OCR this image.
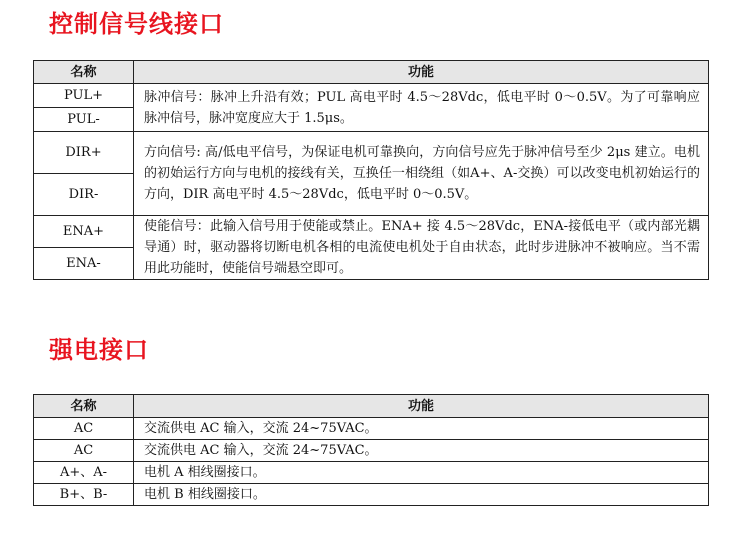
控制信号线接口
名称	功能
PUL+	脉冲信号：脉冲上升沿有效；PUL 高电平时 4.5～28Vdc，低电平时 0～0.5V。为了可靠响应脉冲信号，脉冲宽度应大于 1.5μs。
PUL-	
DIR+	方向信号: 高/低电平信号，为保证电机可靠换向，方向信号应先于脉冲信号至少 2μs 建立。电机的初始运行方向与电机的接线有关，互换任一相绕组（如A+、A-交换）可以改变电机初始运行的方向，DIR 高电平时 4.5～28Vdc，低电平时 0～0.5V。
DIR-	
ENA+	使能信号：此输入信号用于使能或禁止。ENA+ 接 4.5～28Vdc，ENA-接低电平（或内部光耦导通）时，驱动器将切断电机各相的电流使电机处于自由状态，此时步进脉冲不被响应。当不需用此功能时，使能信号端悬空即可。
ENA-	
强电接口
名称	功能
AC	交流供电 AC 输入，交流 24~75VAC。
AC	交流供电 AC 输入，交流 24~75VAC。
A+、A-	电机 A 相线圈接口。
B+、B-	电机 B 相线圈接口。
